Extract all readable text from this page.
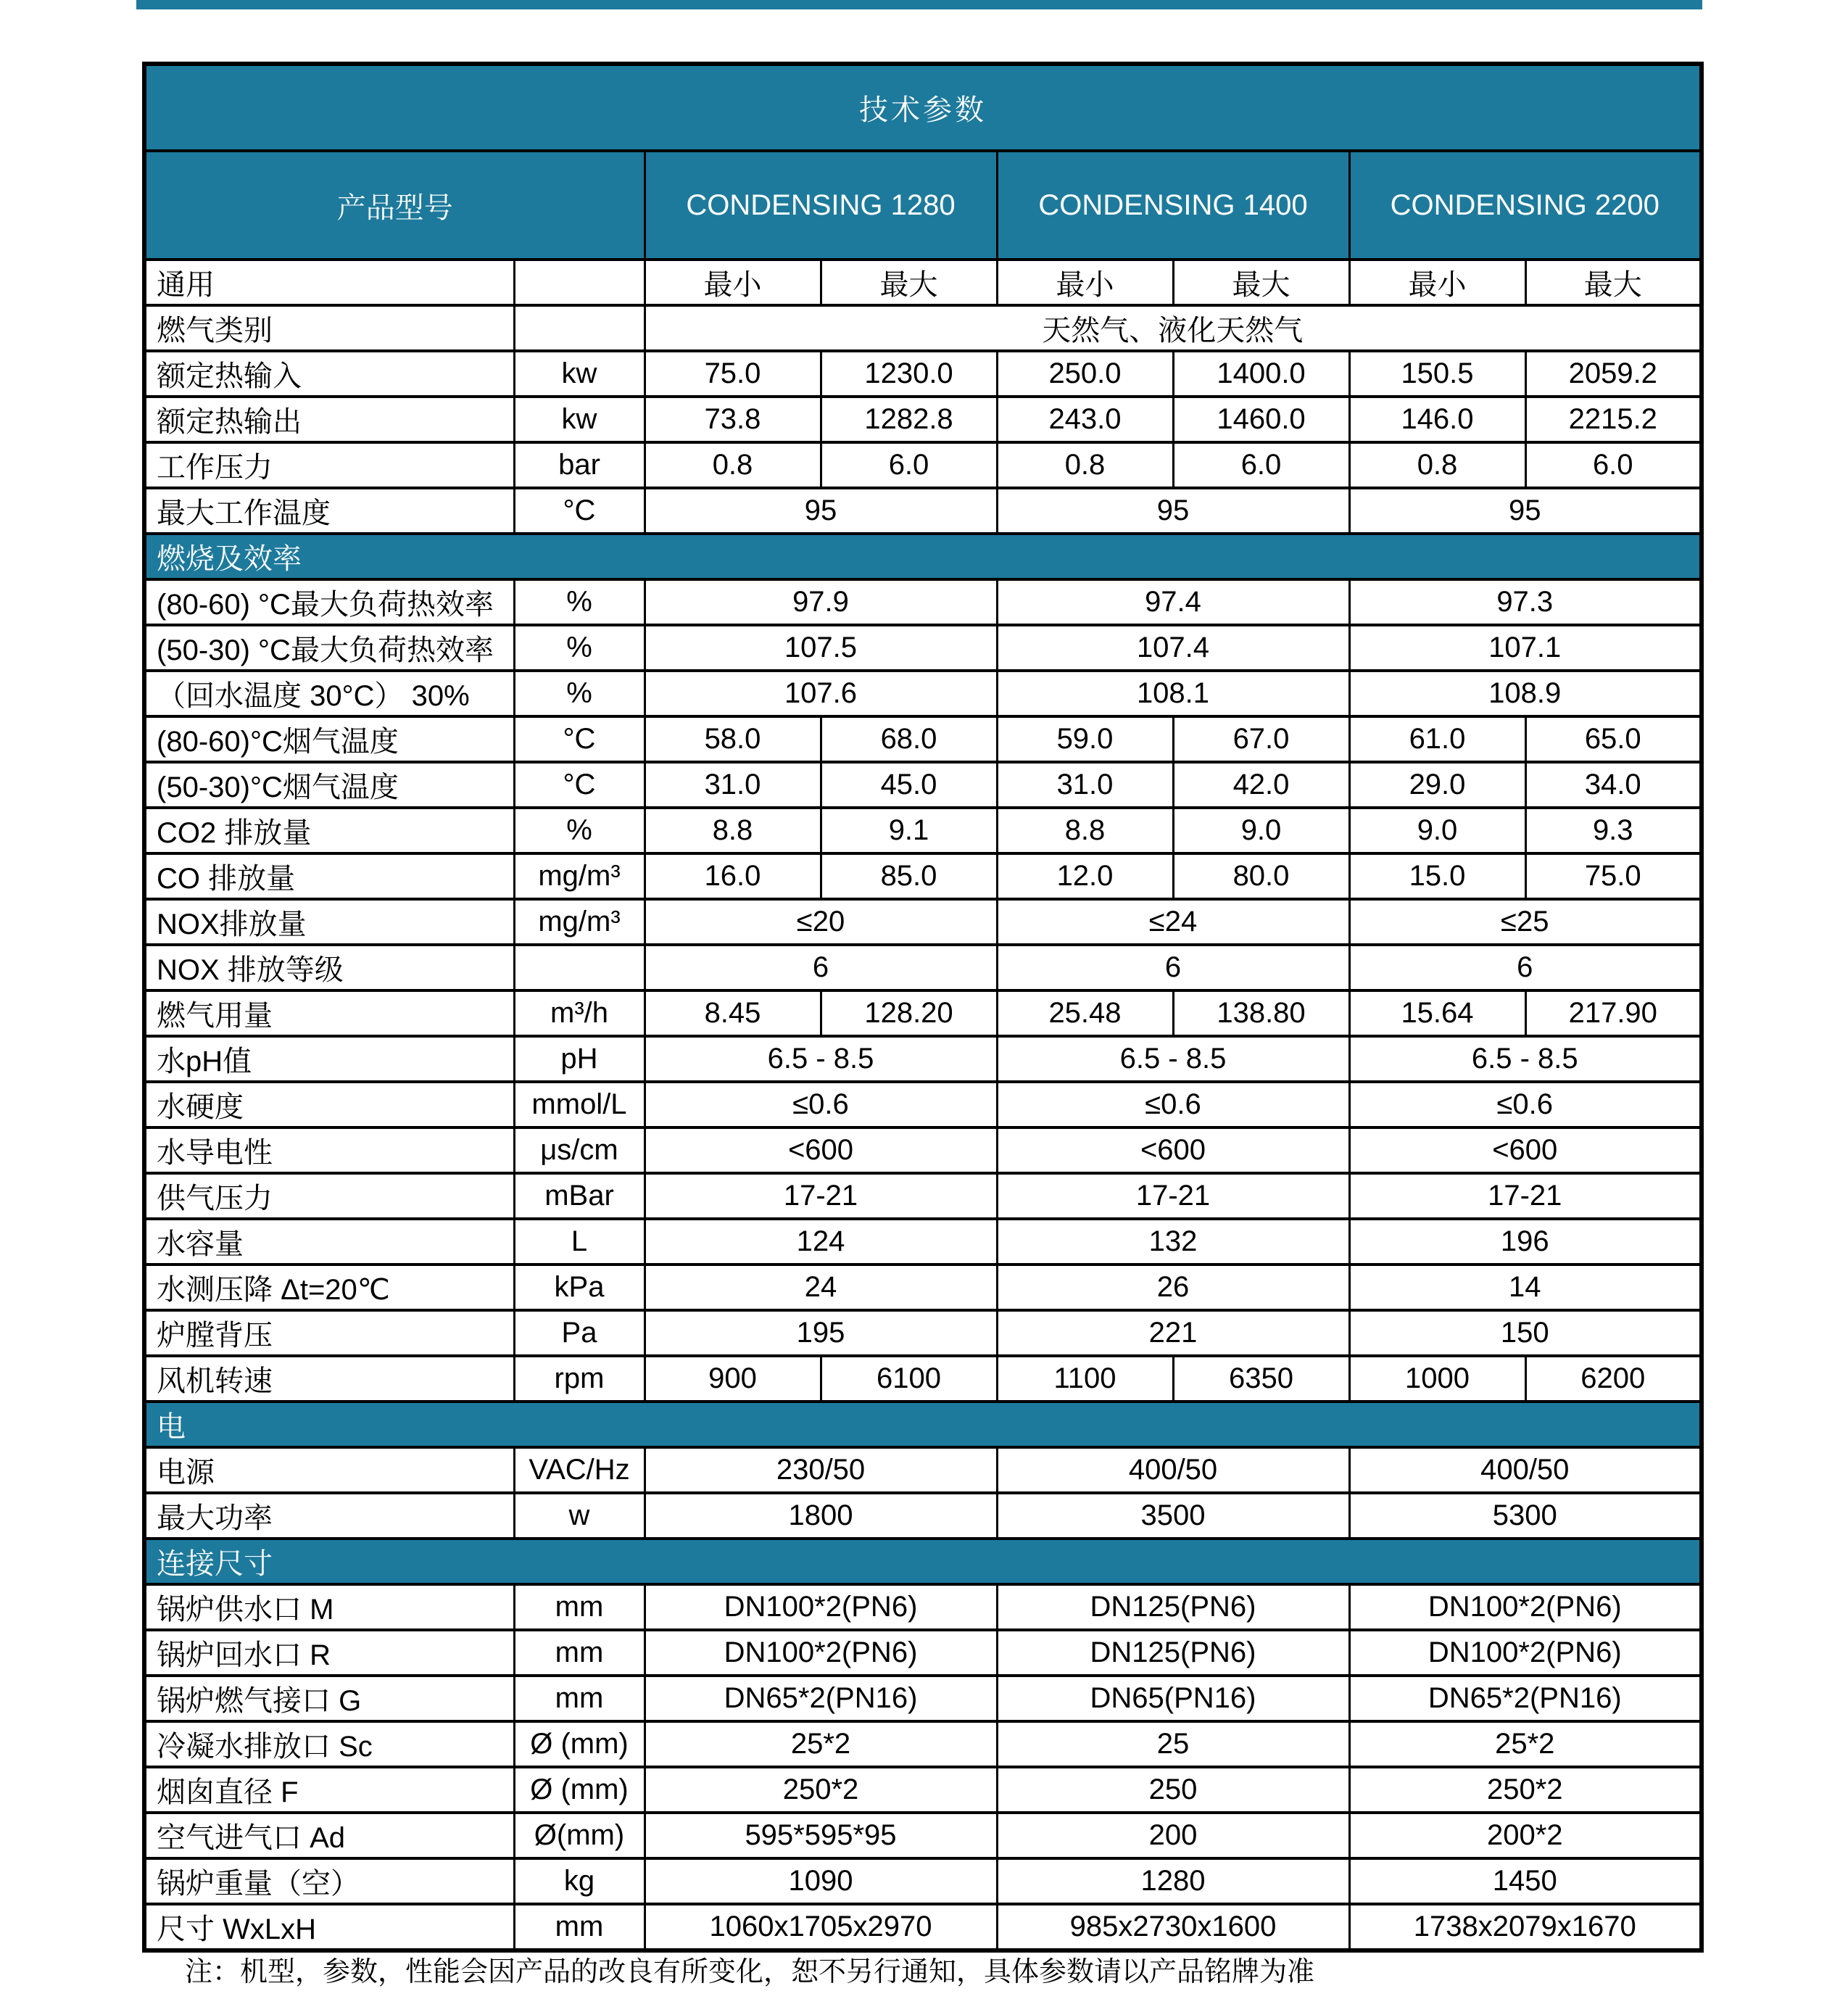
技术参数							
产品型号		CONDENSING 1280		CONDENSING 1400		CONDENSING 2200	
通用		最小	最大	最小	最大	最小	最大
燃气类别		天然气、液化天然气					
额定热输入	kw	75.0	1230.0	250.0	1400.0	150.5	2059.2
额定热输出	kw	73.8	1282.8	243.0	1460.0	146.0	2215.2
工作压力	bar	0.8	6.0	0.8	6.0	0.8	6.0
最大工作温度	°C	95		95		95	
燃烧及效率							
(80-60) °C最大负荷热效率	%	97.9		97.4		97.3	
(50-30) °C最大负荷热效率	%	107.5		107.4		107.1	
（回水温度 30°C） 30%	%	107.6		108.1		108.9	
(80-60)°C烟气温度	°C	58.0	68.0	59.0	67.0	61.0	65.0
(50-30)°C烟气温度	°C	31.0	45.0	31.0	42.0	29.0	34.0
CO2 排放量	%	8.8	9.1	8.8	9.0	9.0	9.3
CO 排放量	mg/m³	16.0	85.0	12.0	80.0	15.0	75.0
NOX排放量	mg/m³	≤20		≤24		≤25	
NOX 排放等级		6		6		6	
燃气用量	m³/h	8.45	128.20	25.48	138.80	15.64	217.90
水pH值	pH	6.5 - 8.5		6.5 - 8.5		6.5 - 8.5	
水硬度	mmol/L	≤0.6		≤0.6		≤0.6	
水导电性	μs/cm	<600		<600		<600	
供气压力	mBar	17-21		17-21		17-21	
水容量	L	124		132		196	
水测压降 Δt=20℃	kPa	24		26		14	
炉膛背压	Pa	195		221		150	
风机转速	rpm	900	6100	1100	6350	1000	6200
电							
电源	VAC/Hz	230/50		400/50		400/50	
最大功率	w	1800		3500		5300	
连接尺寸							
锅炉供水口 M	mm	DN100*2(PN6)		DN125(PN6)		DN100*2(PN6)	
锅炉回水口 R	mm	DN100*2(PN6)		DN125(PN6)		DN100*2(PN6)	
锅炉燃气接口 G	mm	DN65*2(PN16)		DN65(PN16)		DN65*2(PN16)	
冷凝水排放口 Sc	Ø (mm)	25*2		25		25*2	
烟囱直径 F	Ø (mm)	250*2		250		250*2	
空气进气口 Ad	Ø(mm)	595*595*95		200		200*2	
锅炉重量（空）	kg	1090		1280		1450	
尺寸 WxLxH	mm	1060x1705x2970		985x2730x1600		1738x2079x1670	
注：机型，参数，性能会因产品的改良有所变化，恕不另行通知，具体参数请以产品铭牌为准
